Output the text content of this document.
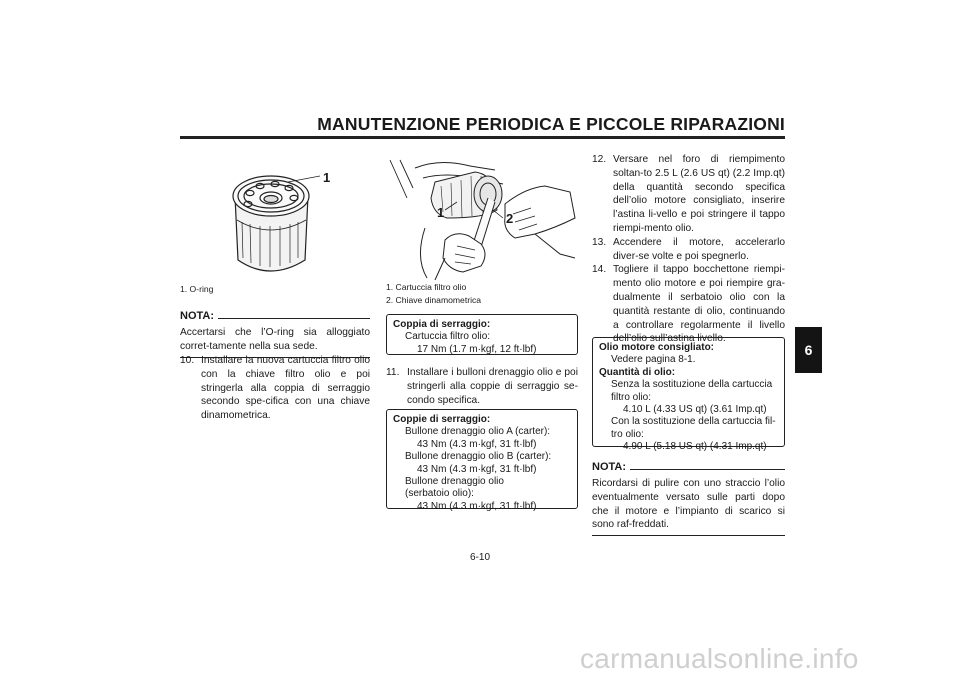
MANUTENZIONE PERIODICA E PICCOLE RIPARAZIONI
6
1
1. O-ring
NOTA:
Accertarsi che l’O-ring sia alloggiato corret-tamente nella sua sede.
10. Installare la nuova cartuccia filtro olio con la chiave filtro olio e poi stringerla alla coppia di serraggio secondo spe-cifica con una chiave dinamometrica.
1	2
1. Cartuccia filtro olio
2. Chiave dinamometrica
Coppia di serraggio:
Cartuccia filtro olio:
17 Nm (1.7 m·kgf, 12 ft·lbf)
11. Installare i bulloni drenaggio olio e poi stringerli alla coppie di serraggio se-condo specifica.
Coppie di serraggio:
Bullone drenaggio olio A (carter):
43 Nm (4.3 m·kgf, 31 ft·lbf)
Bullone drenaggio olio B (carter):
43 Nm (4.3 m·kgf, 31 ft·lbf)
Bullone drenaggio olio (serbatoio olio):
43 Nm (4.3 m·kgf, 31 ft·lbf)
12. Versare nel foro di riempimento soltan-to 2.5 L (2.6 US qt) (2.2 Imp.qt) della quantità secondo specifica dell’olio motore consigliato, inserire l’astina li-vello e poi stringere il tappo riempi-mento olio.
13. Accendere il motore, accelerarlo diver-se volte e poi spegnerlo.
14. Togliere il tappo bocchettone riempi-mento olio motore e poi riempire gra-dualmente il serbatoio olio con la quantità restante di olio, continuando a controllare regolarmente il livello dell’olio sull’astina livello.
Olio motore consigliato:
Vedere pagina 8-1.
Quantità di olio:
Senza la sostituzione della cartuccia filtro olio:
4.10 L (4.33 US qt) (3.61 Imp.qt)
Con la sostituzione della cartuccia fil-tro olio:
4.90 L (5.18 US qt) (4.31 Imp.qt)
NOTA:
Ricordarsi di pulire con uno straccio l’olio eventualmente versato sulle parti dopo che il motore e l’impianto di scarico si sono raf-freddati.
6-10
carmanualsonline.info
